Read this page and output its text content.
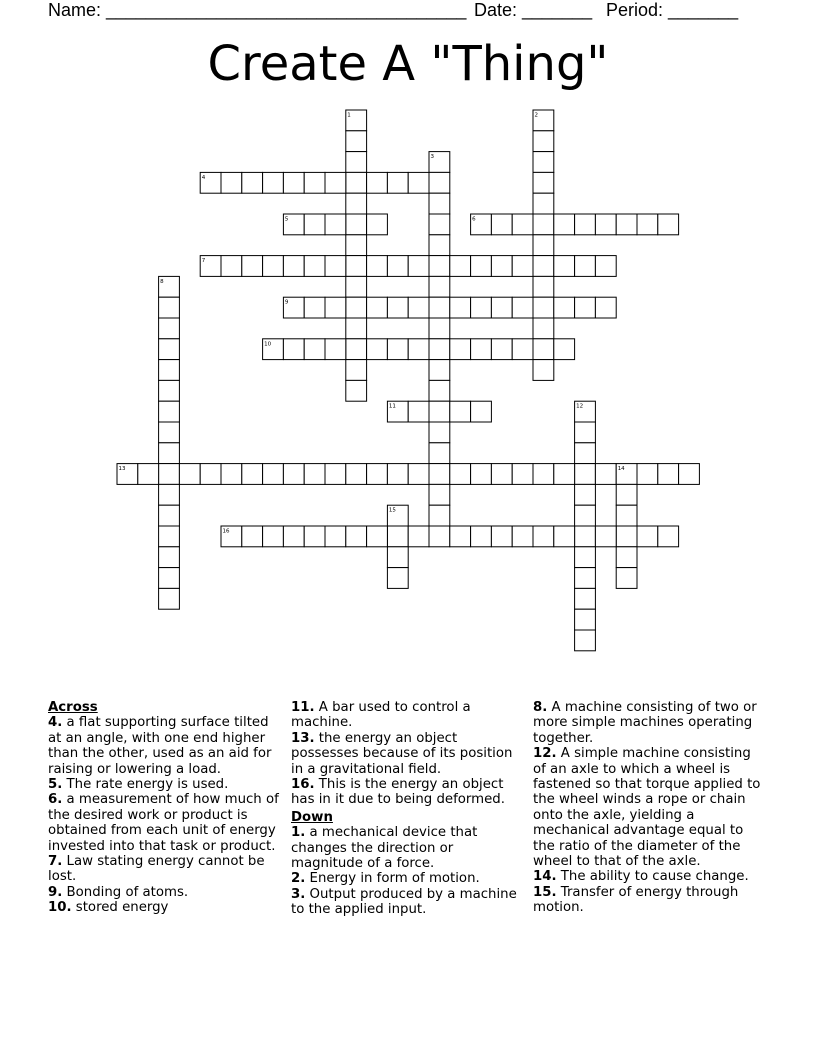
Name: ____________________________________ Date: _______ Period: _______
Create A "Thing"
1	2
3
4
5	6
7
8
9
10
11	12
13	14
15
16
Across
4. a flat supporting surface tilted at an angle, with one end higher than the other, used as an aid for raising or lowering a load.
5. The rate energy is used.
6. a measurement of how much of the desired work or product is obtained from each unit of energy invested into that task or product.
7. Law stating energy cannot be lost.
9. Bonding of atoms.
10. stored energy
11. A bar used to control a machine.
13. the energy an object possesses because of its position in a gravitational field.
16. This is the energy an object has in it due to being deformed.
Down
1. a mechanical device that changes the direction or magnitude of a force.
2. Energy in form of motion.
3. Output produced by a machine to the applied input.
8. A machine consisting of two or more simple machines operating together.
12. A simple machine consisting of an axle to which a wheel is fastened so that torque applied to the wheel winds a rope or chain onto the axle, yielding a mechanical advantage equal to the ratio of the diameter of the wheel to that of the axle.
14. The ability to cause change.
15. Transfer of energy through motion.
